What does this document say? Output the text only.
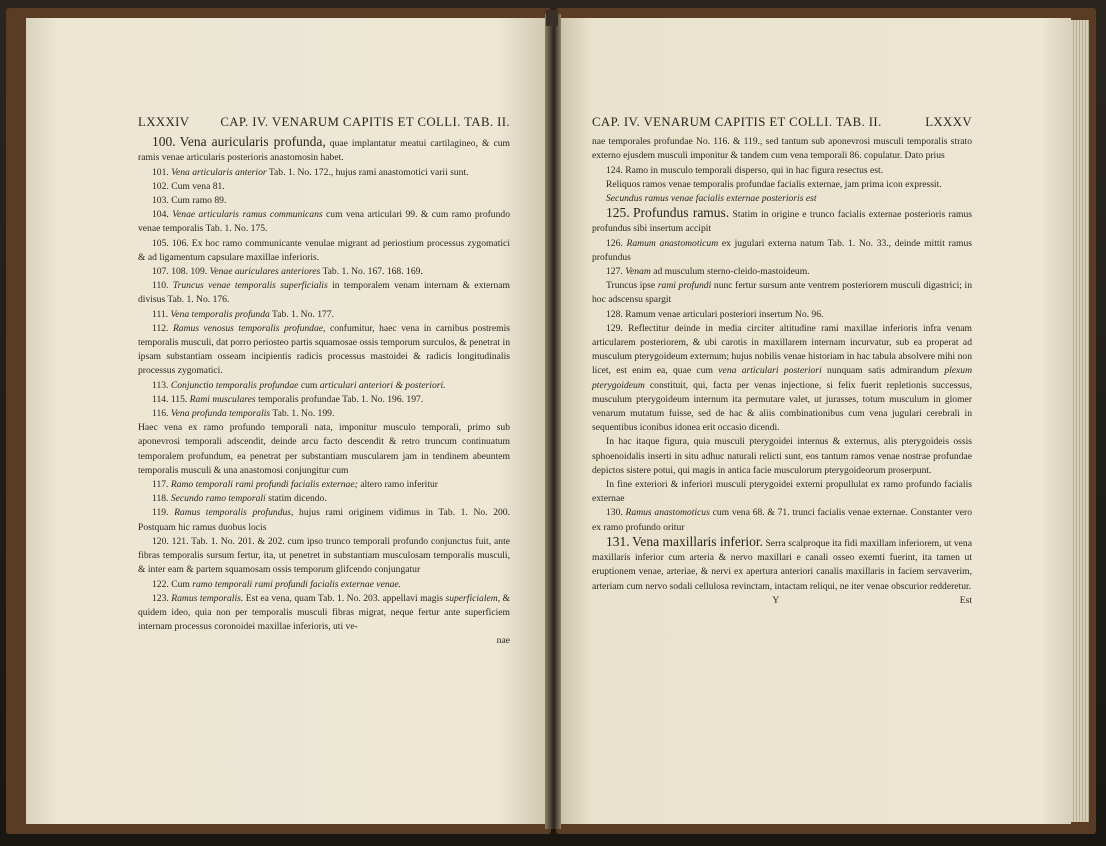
LXXXIV CAP. IV. VENARUM CAPITIS ET COLLI. TAB. II.

100. Vena auricularis profunda, quae implantatur meatui cartilagineo, & cum ramis venae articularis posterioris anastomosin habet.

101. Vena articularis anterior Tab. 1. No. 172., hujus rami anastomotici varii sunt.

102. Cum vena 81.

103. Cum ramo 89.

104. Venae articularis ramus communicans cum vena articulari 99. & cum ramo profundo venae temporalis Tab. 1. No. 175.

105. 106. Ex hoc ramo communicante venulae migrant ad periostium processus zygomatici & ad ligamentum capsulare maxillae inferioris.

107. 108. 109. Venae auriculares anteriores Tab. 1. No. 167. 168. 169.

110. Truncus venae temporalis superficialis in temporalem venam internam & externam divisus Tab. 1. No. 176.

111. Vena temporalis profunda Tab. 1. No. 177.

112. Ramus venosus temporalis profundae, confumitur, haec vena in carnibus postremis temporalis musculi, dat porro periosteo partis squamosae ossis temporum surculos, & penetrat in ipsam substantiam osseam incipientis radicis processus mastoidei & radicis longitudinalis processus zygomatici.

113. Conjunctio temporalis profundae cum articulari anteriori & posteriori.

114. 115. Rami musculares temporalis profundae Tab. 1. No. 196. 197.

116. Vena profunda temporalis Tab. 1. No. 199.

Haec vena ex ramo profundo temporali nata, imponitur musculo temporali, primo sub aponevrosi temporali adscendit, deinde arcu facto descendit & retro truncum continuatum temporalem profundum, ea penetrat per substantiam muscularem jam in tendinem abeuntem temporalis musculi & una anastomosi conjungitur cum

117. Ramo temporali rami profundi facialis externae; altero ramo inferitur

118. Secundo ramo temporali statim dicendo.

119. Ramus temporalis profundus, hujus rami originem vidimus in Tab. 1. No. 200. Postquam hic ramus duobus locis

120. 121. Tab. 1. No. 201. & 202. cum ipso trunco temporali profundo conjunctus fuit, ante fibras temporalis sursum fertur, ita, ut penetret in substantiam musculosam temporalis musculi, & inter eam & partem squamosam ossis temporum glifcendo conjungatur

122. Cum ramo temporali rami profundi facialis externae venae.

123. Ramus temporalis. Est ea vena, quam Tab. 1. No. 203. appellavi magis superficialem, & quidem ideo, quia non per temporalis musculi fibras migrat, neque fertur ante superficiem internam processus coronoidei maxillae inferioris, uti ve-

nae
CAP. IV. VENARUM CAPITIS ET COLLI. TAB. II.	LXXXV

nae temporales profundae No. 116. & 119., sed tantum sub aponevrosi musculi temporalis strato externo ejusdem musculi imponitur & tandem cum vena temporali 86. copulatur. Dato prius

124. Ramo in musculo temporali disperso, qui in hac figura resectus est.

Reliquos ramos venae temporalis profundae facialis externae, jam prima icon expressit.

Secundus ramus venae facialis externae posterioris est

125. Profundus ramus. Statim in origine e trunco facialis externae posterioris ramus profundus sibi insertum accipit

126. Ramum anastomoticum ex jugulari externa natum Tab. 1. No. 33., deinde mittit ramus profundus

127. Venam ad musculum sterno-cleido-mastoideum.

Truncus ipse rami profundi nunc fertur sursum ante ventrem posteriorem musculi digastrici; in hoc adscensu spargit

128. Ramum venae articulari posteriori insertum No. 96.

129. Reflectitur deinde in media circiter altitudine rami maxillae inferioris infra venam articularem posteriorem, & ubi carotis in maxillarem internam incurvatur, sub ea properat ad musculum pterygoideum externum; hujus nobilis venae historiam in hac tabula absolvere mihi non licet, est enim ea, quae cum vena articulari posteriori nunquam satis admirandum plexum pterygoideum constituit, qui, facta per venas injectione, si felix fuerit repletionis successus, musculum pterygoideum internum ita permutare valet, ut jurasses, totum musculum in glomer venarum mutatum fuisse, sed de hac & aliis combinationibus cum vena jugulari cerebrali in sequentibus iconibus idonea erit occasio dicendi.

In hac itaque figura, quia musculi pterygoidei internus & externus, alis pterygoideis ossis sphoenoidalis inserti in situ adhuc naturali relicti sunt, eos tantum ramos venae nostrae profundae depictos sistere potui, qui magis in antica facie musculorum pterygoideorum proserpunt.

In fine exteriori & inferiori musculi pterygoidei externi propullulat ex ramo profundo facialis externae

130. Ramus anastomoticus cum vena 68. & 71. trunci facialis venae externae. Constanter vero ex ramo profundo oritur

131. Vena maxillaris inferior. Serra scalproque ita fidi maxillam inferiorem, ut vena maxillaris inferior cum arteria & nervo maxillari e canali osseo exemti fuerint, ita tamen ut eruptionem venae, arteriae, & nervi ex apertura anteriori canalis maxillaris in faciem servaverim, arteriam cum nervo sodali cellulosa revinctam, intactam reliqui, ne iter venae obscurior redderetur.

Y	Est
